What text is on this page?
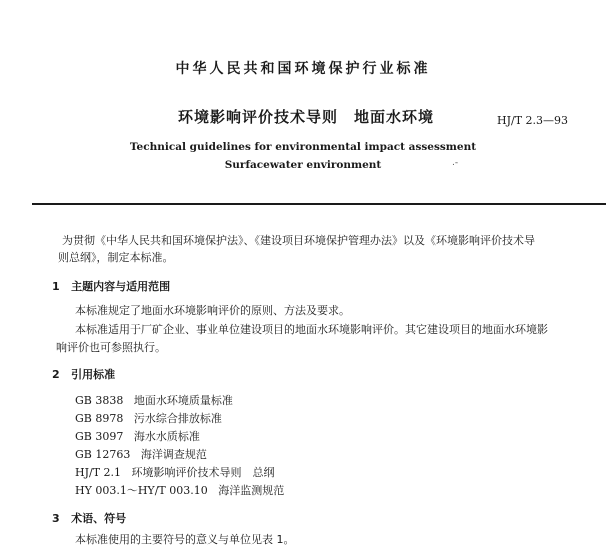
中华人民共和国环境保护行业标准
环境影响评价技术导则　地面水环境	HJ/T 2.3—93
Technical guidelines for environmental impact assessment
Surfacewater environment	.-
为贯彻《中华人民共和国环境保护法》、《建设项目环境保护管理办法》以及《环境影响评价技术导
则总纲》，制定本标准。
1 主题内容与适用范围
本标准规定了地面水环境影响评价的原则、方法及要求。
本标准适用于厂矿企业、事业单位建设项目的地面水环境影响评价。其它建设项目的地面水环境影
响评价也可参照执行。
2 引用标准
GB 3838 地面水环境质量标准
GB 8978 污水综合排放标准
GB 3097 海水水质标准
GB 12763 海洋调查规范
HJ/T 2.1 环境影响评价技术导则　总纲
HY 003.1～HY/T 003.10 海洋监测规范
3 术语、符号
本标准使用的主要符号的意义与单位见表 1。
